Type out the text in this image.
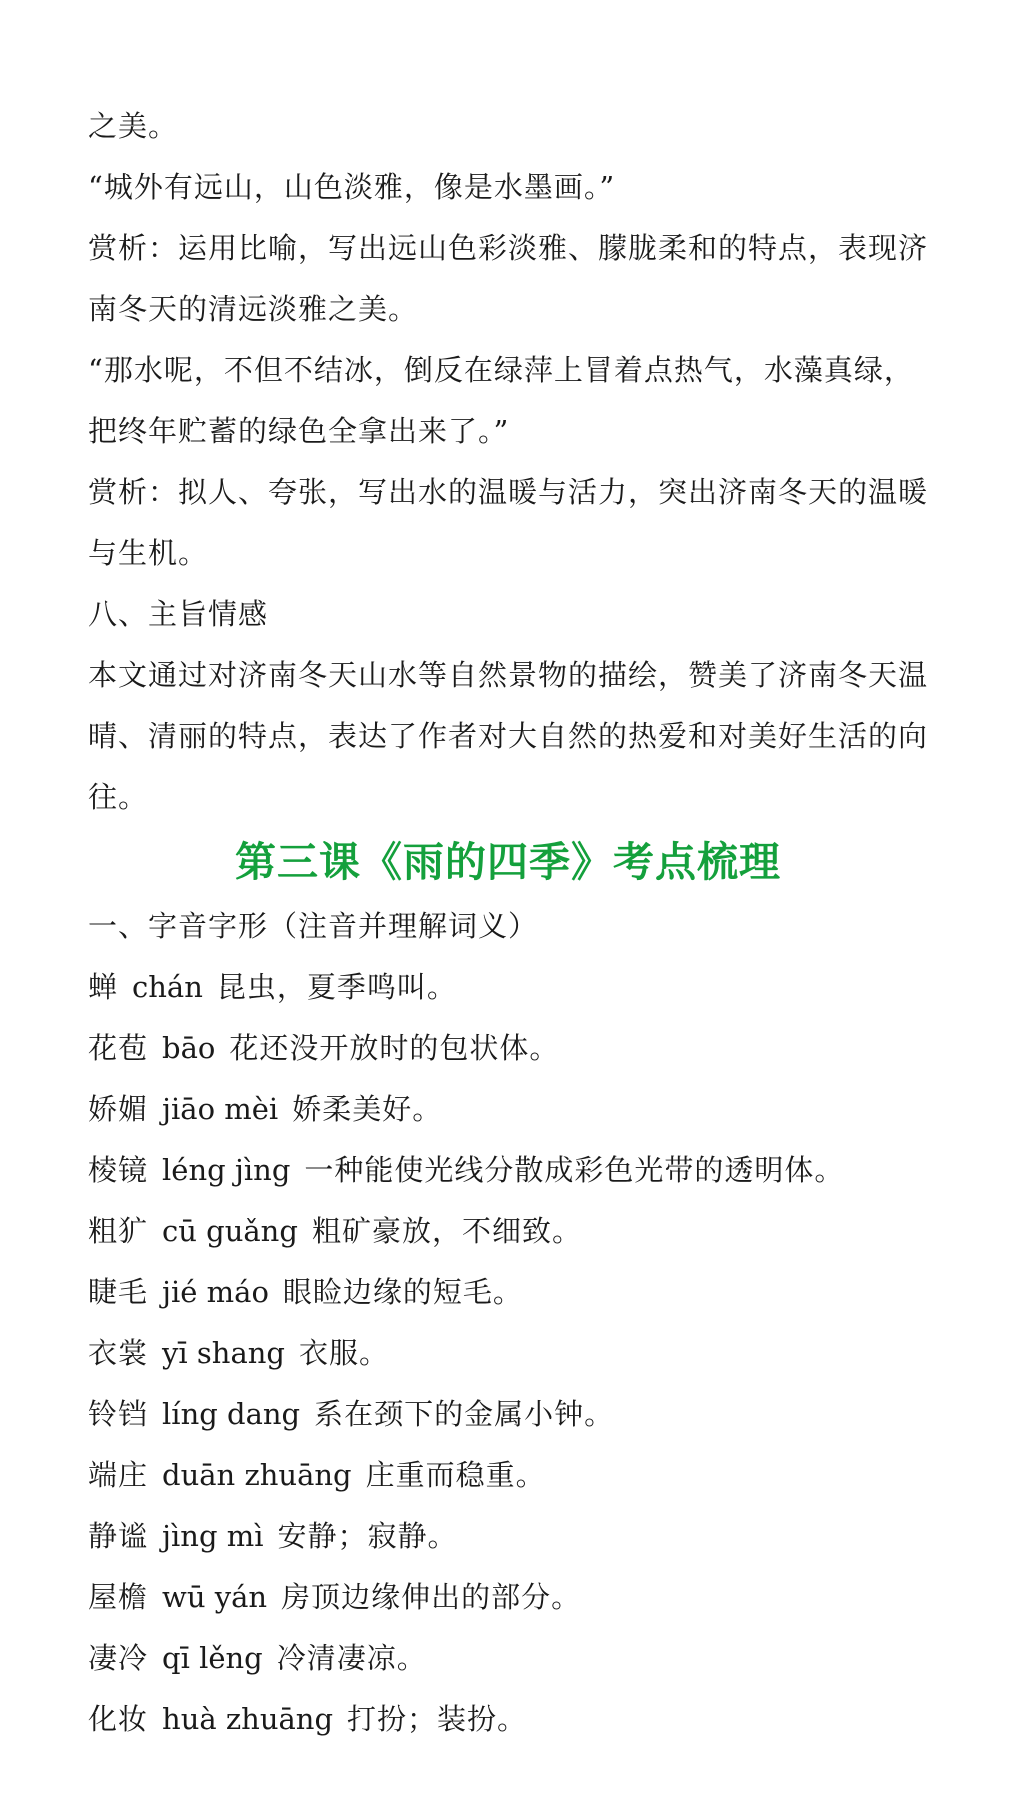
之美。
“城外有远山，山色淡雅，像是水墨画。”
赏析：运用比喻，写出远山色彩淡雅、朦胧柔和的特点，表现济
南冬天的清远淡雅之美。
“那水呢，不但不结冰，倒反在绿萍上冒着点热气，水藻真绿，
把终年贮蓄的绿色全拿出来了。”
赏析：拟人、夸张，写出水的温暖与活力，突出济南冬天的温暖
与生机。
八、主旨情感
本文通过对济南冬天山水等自然景物的描绘，赞美了济南冬天温
晴、清丽的特点，表达了作者对大自然的热爱和对美好生活的向
往。
第三课《雨的四季》考点梳理
一、字音字形（注音并理解词义）
蝉 chán 昆虫，夏季鸣叫。
花苞 bāo 花还没开放时的包状体。
娇媚 jiāo mèi 娇柔美好。
棱镜 léng jìng 一种能使光线分散成彩色光带的透明体。
粗犷 cū guǎng 粗矿豪放，不细致。
睫毛 jié máo 眼睑边缘的短毛。
衣裳 yī shang 衣服。
铃铛 líng dang 系在颈下的金属小钟。
端庄 duān zhuāng 庄重而稳重。
静谧 jìng mì 安静；寂静。
屋檐 wū yán 房顶边缘伸出的部分。
凄冷 qī lěng 冷清凄凉。
化妆 huà zhuāng 打扮；装扮。
